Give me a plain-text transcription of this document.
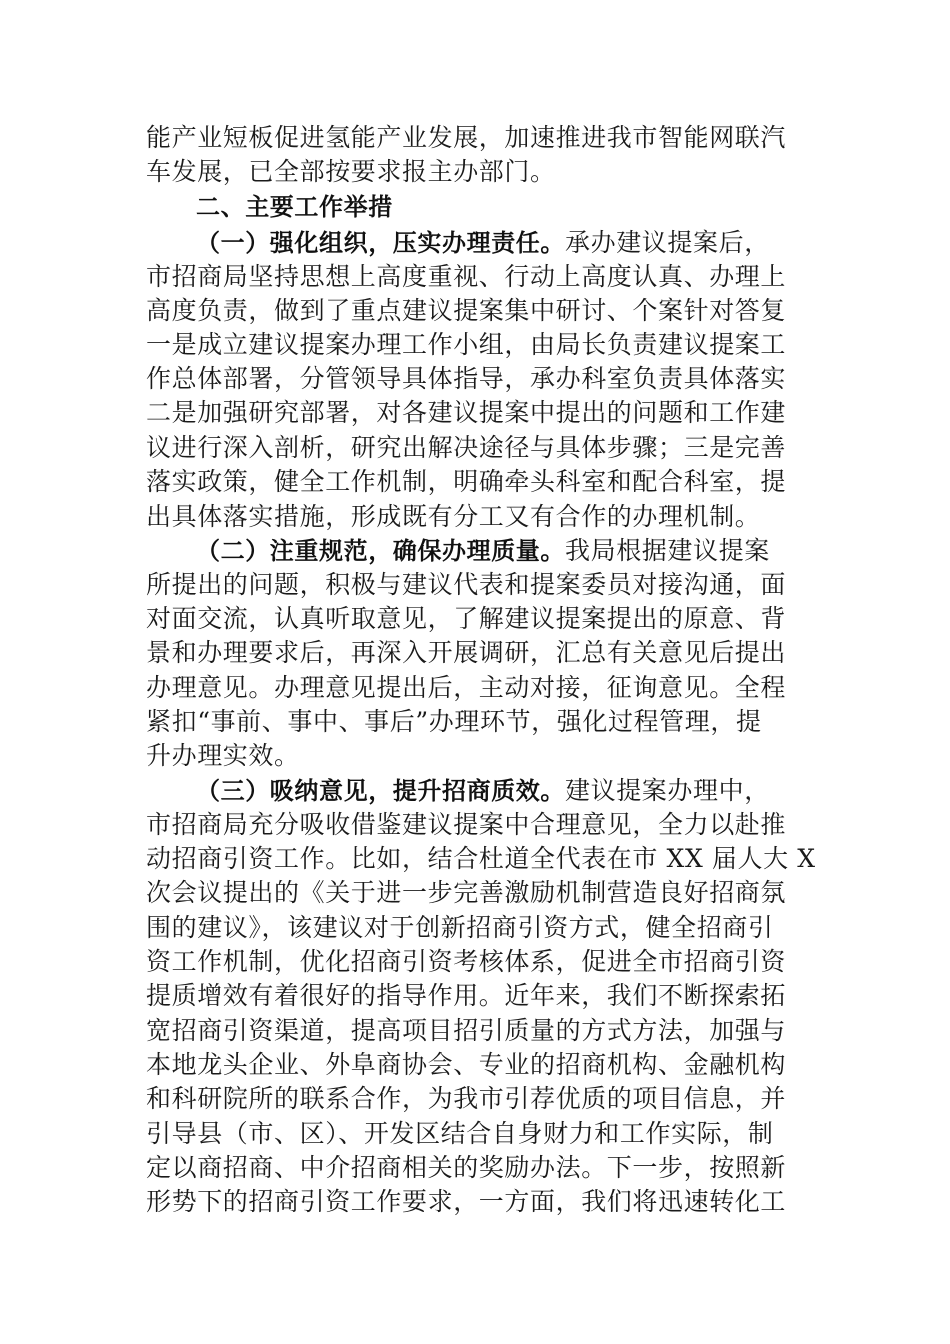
能产业短板促进氢能产业发展，加速推进我市智能网联汽
车发展，已全部按要求报主办部门。
二、主要工作举措
（一）强化组织，压实办理责任。承办建议提案后，
市招商局坚持思想上高度重视、行动上高度认真、办理上
高度负责，做到了重点建议提案集中研讨、个案针对答复
一是成立建议提案办理工作小组，由局长负责建议提案工
作总体部署，分管领导具体指导，承办科室负责具体落实
二是加强研究部署，对各建议提案中提出的问题和工作建
议进行深入剖析，研究出解决途径与具体步骤；三是完善
落实政策，健全工作机制，明确牵头科室和配合科室，提
出具体落实措施，形成既有分工又有合作的办理机制。
（二）注重规范，确保办理质量。我局根据建议提案
所提出的问题，积极与建议代表和提案委员对接沟通，面
对面交流，认真听取意见，了解建议提案提出的原意、背
景和办理要求后，再深入开展调研，汇总有关意见后提出
办理意见。办理意见提出后，主动对接，征询意见。全程
紧扣“事前、事中、事后”办理环节，强化过程管理，提
升办理实效。
（三）吸纳意见，提升招商质效。建议提案办理中，
市招商局充分吸收借鉴建议提案中合理意见，全力以赴推
动招商引资工作。比如，结合杜道全代表在市 XX 届人大 X
次会议提出的《关于进一步完善激励机制营造良好招商氛
围的建议》，该建议对于创新招商引资方式，健全招商引
资工作机制，优化招商引资考核体系，促进全市招商引资
提质增效有着很好的指导作用。近年来，我们不断探索拓
宽招商引资渠道，提高项目招引质量的方式方法，加强与
本地龙头企业、外阜商协会、专业的招商机构、金融机构
和科研院所的联系合作，为我市引荐优质的项目信息，并
引导县（市、区）、开发区结合自身财力和工作实际，制
定以商招商、中介招商相关的奖励办法。下一步，按照新
形势下的招商引资工作要求，一方面，我们将迅速转化工
